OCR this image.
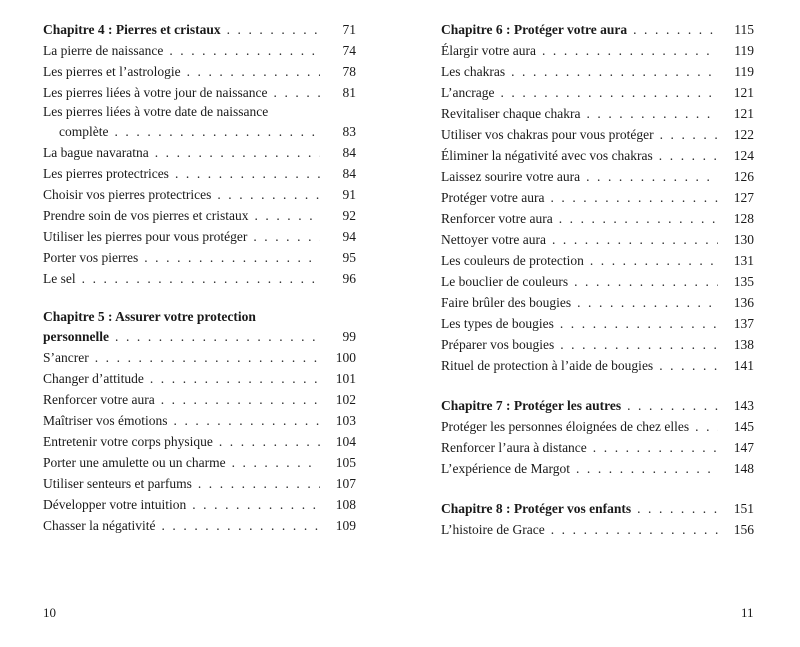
Chapitre 4 : Pierres et cristaux . . .	71
La pierre de naissance . . .	74
Les pierres et l’astrologie . . .	78
Les pierres liées à votre jour de naissance . . .	81
Les pierres liées à votre date de naissance
complète . . .	83
La bague navaratna . . .	84
Les pierres protectrices . . .	84
Choisir vos pierres protectrices . . .	91
Prendre soin de vos pierres et cristaux . . .	92
Utiliser les pierres pour vous protéger . . .	94
Porter vos pierres . . .	95
Le sel . . .	96
Chapitre 5 : Assurer votre protection
personnelle . . .	99
S’ancrer . . .	100
Changer d’attitude . . .	101
Renforcer votre aura . . .	102
Maîtriser vos émotions . . .	103
Entretenir votre corps physique . . .	104
Porter une amulette ou un charme . . .	105
Utiliser senteurs et parfums . . .	107
Développer votre intuition . . .	108
Chasser la négativité . . .	109
Chapitre 6 : Protéger votre aura . . .	115
Élargir votre aura . . .	119
Les chakras . . .	119
L’ancrage . . .	121
Revitaliser chaque chakra . . .	121
Utiliser vos chakras pour vous protéger . . .	122
Éliminer la négativité avec vos chakras . . .	124
Laissez sourire votre aura . . .	126
Protéger votre aura . . .	127
Renforcer votre aura . . .	128
Nettoyer votre aura . . .	130
Les couleurs de protection . . .	131
Le bouclier de couleurs . . .	135
Faire brûler des bougies . . .	136
Les types de bougies . . .	137
Préparer vos bougies . . .	138
Rituel de protection à l’aide de bougies . . .	141
Chapitre 7 : Protéger les autres . . .	143
Protéger les personnes éloignées de chez elles . . .	145
Renforcer l’aura à distance . . .	147
L’expérience de Margot . . .	148
Chapitre 8 : Protéger vos enfants . . .	151
L’histoire de Grace . . .	156
10	11
